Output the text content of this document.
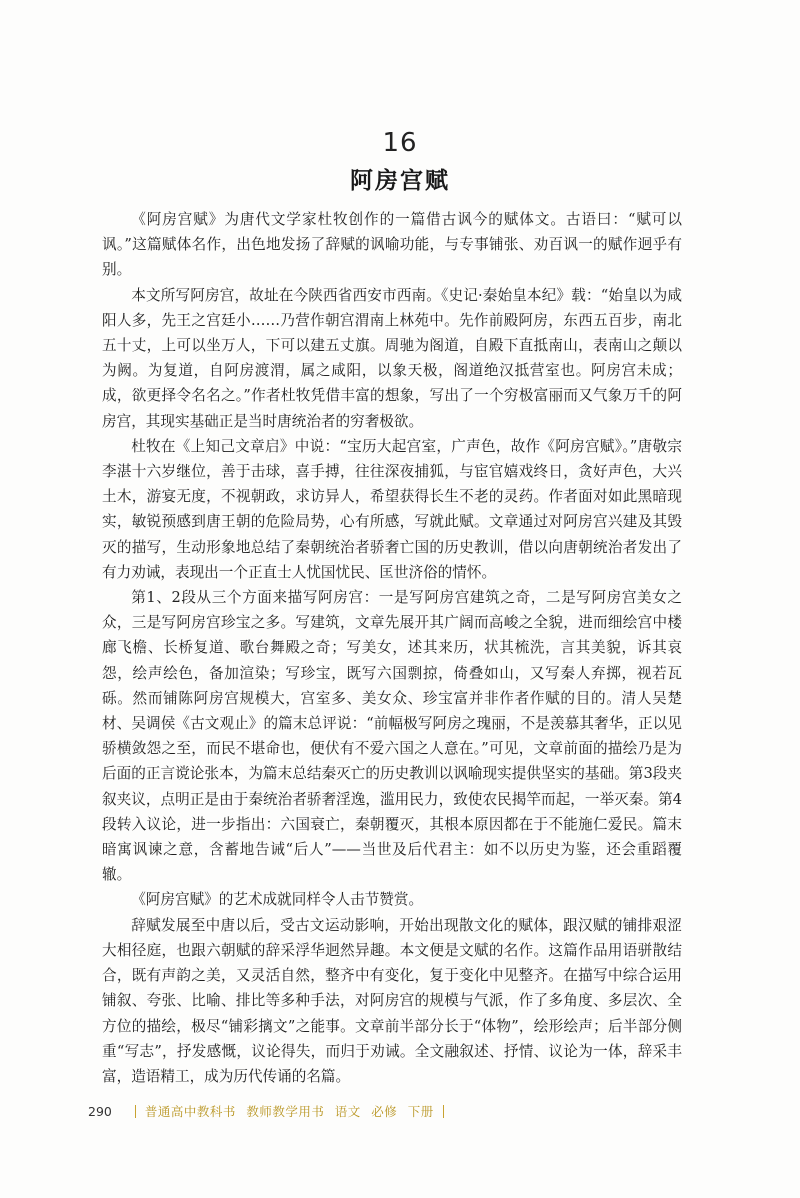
16
阿房宫赋

《阿房宫赋》为唐代文学家杜牧创作的一篇借古讽今的赋体文。古语曰：“赋可以讽。”这篇赋体名作，出色地发扬了辞赋的讽喻功能，与专事铺张、劝百讽一的赋作迥乎有别。

本文所写阿房宫，故址在今陕西省西安市西南。《史记·秦始皇本纪》载：“始皇以为咸阳人多，先王之宫廷小……乃营作朝宫渭南上林苑中。先作前殿阿房，东西五百步，南北五十丈，上可以坐万人，下可以建五丈旗。周驰为阁道，自殿下直抵南山，表南山之颠以为阙。为复道，自阿房渡渭，属之咸阳，以象天极，阁道绝汉抵营室也。阿房宫未成；成，欲更择令名名之。”作者杜牧凭借丰富的想象，写出了一个穷极富丽而又气象万千的阿房宫，其现实基础正是当时唐统治者的穷奢极欲。

杜牧在《上知己文章启》中说：“宝历大起宫室，广声色，故作《阿房宫赋》。”唐敬宗李湛十六岁继位，善于击球，喜手搏，往往深夜捕狐，与宦官嬉戏终日，贪好声色，大兴土木，游宴无度，不视朝政，求访异人，希望获得长生不老的灵药。作者面对如此黑暗现实，敏锐预感到唐王朝的危险局势，心有所感，写就此赋。文章通过对阿房宫兴建及其毁灭的描写，生动形象地总结了秦朝统治者骄奢亡国的历史教训，借以向唐朝统治者发出了有力劝诫，表现出一个正直士人忧国忧民、匡世济俗的情怀。

第1、2段从三个方面来描写阿房宫：一是写阿房宫建筑之奇，二是写阿房宫美女之众，三是写阿房宫珍宝之多。写建筑，文章先展开其广阔而高峻之全貌，进而细绘宫中楼廊飞檐、长桥复道、歌台舞殿之奇；写美女，述其来历，状其梳洗，言其美貌，诉其哀怨，绘声绘色，备加渲染；写珍宝，既写六国剽掠，倚叠如山，又写秦人弃掷，视若瓦砾。然而铺陈阿房宫规模大，宫室多、美女众、珍宝富并非作者作赋的目的。清人吴楚材、吴调侯《古文观止》的篇末总评说：“前幅极写阿房之瑰丽，不是羡慕其奢华，正以见骄横敛怨之至，而民不堪命也，便伏有不爱六国之人意在。”可见，文章前面的描绘乃是为后面的正言谠论张本，为篇末总结秦灭亡的历史教训以讽喻现实提供坚实的基础。第3段夹叙夹议，点明正是由于秦统治者骄奢淫逸，滥用民力，致使农民揭竿而起，一举灭秦。第4段转入议论，进一步指出：六国衰亡，秦朝覆灭，其根本原因都在于不能施仁爱民。篇末暗寓讽谏之意，含蓄地告诫“后人”——当世及后代君主：如不以历史为鉴，还会重蹈覆辙。

《阿房宫赋》的艺术成就同样令人击节赞赏。

辞赋发展至中唐以后，受古文运动影响，开始出现散文化的赋体，跟汉赋的铺排艰涩大相径庭，也跟六朝赋的辞采浮华迥然异趣。本文便是文赋的名作。这篇作品用语骈散结合，既有声韵之美，又灵活自然，整齐中有变化，复于变化中见整齐。在描写中综合运用铺叙、夸张、比喻、排比等多种手法，对阿房宫的规模与气派，作了多角度、多层次、全方位的描绘，极尽“铺彩摛文”之能事。文章前半部分长于“体物”，绘形绘声；后半部分侧重“写志”，抒发感慨，议论得失，而归于劝诫。全文融叙述、抒情、议论为一体，辞采丰富，造语精工，成为历代传诵的名篇。

290	普通高中教科书 教师教学用书 语文 必修 下册
